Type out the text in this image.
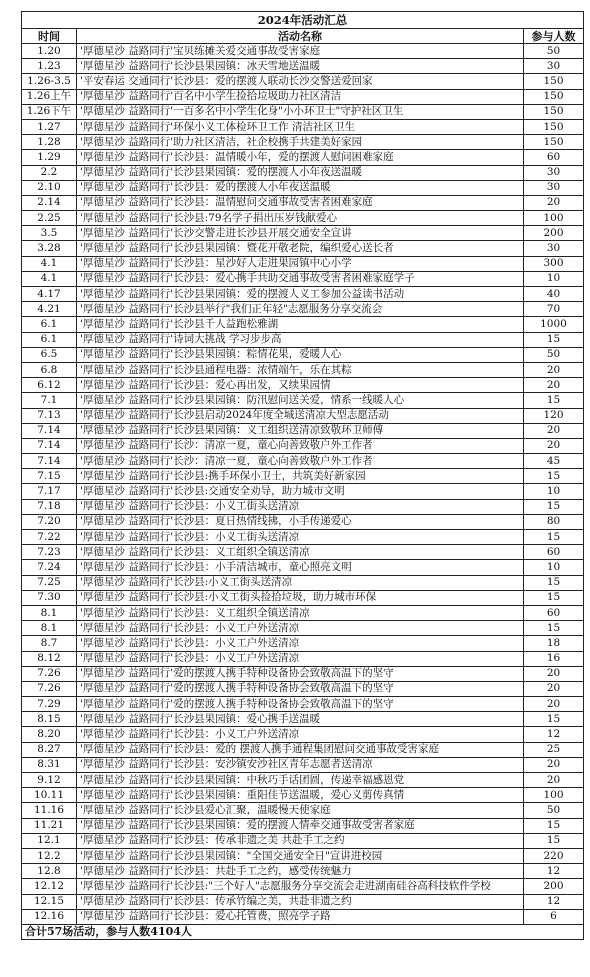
2024年活动汇总		
时间	活动名称	参与人数
1.20	'厚德星沙 益路同行'宝贝练摊关爱交通事故受害家庭	50
1.23	'厚德星沙 益路同行'长沙县果园镇：冰天雪地送温暖	30
1.26-3.5	'平安春运 交通同行'长沙县：爱的摆渡人联动长沙交警送爱回家	150
1.26上午	'厚德星沙 益路同行'百名中小学生捡拾垃圾助力社区清洁	150
1.26下午	'厚德星沙 益路同行'一百多名中小学生化身"小小环卫士"守护社区卫生	150
1.27	'厚德星沙 益路同行'环保小义工体检环卫工作 清洁社区卫生	150
1.28	'厚德星沙 益路同行'助力社区清洁，社企校携手共建美好家园	150
1.29	'厚德星沙 益路同行'长沙县：温情暖小年，爱的摆渡人慰问困难家庭	60
2.2	'厚德星沙 益路同行'长沙县果园镇：爱的摆渡人小年夜送温暖	30
2.10	'厚德星沙 益路同行'长沙县：爱的摆渡人小年夜送温暖	30
2.14	'厚德星沙 益路同行'长沙县：温情慰问交通事故受害者困难家庭	20
2.25	'厚德星沙 益路同行'长沙县:79名学子捐出压岁钱献爱心	100
3.5	'厚德星沙 益路同行'长沙交警走进长沙县开展交通安全宣讲	200
3.28	'厚德星沙 益路同行'长沙县果园镇：暨花开敬老院，编织爱心送长者	30
4.1	'厚德星沙 益路同行'长沙县：星沙好人走进果园镇中心小学	300
4.1	'厚德星沙 益路同行'长沙县：爱心携手共助交通事故受害者困难家庭学子	10
4.17	'厚德星沙 益路同行'长沙县果园镇：爱的摆渡人义工参加公益读书活动	40
4.21	'厚德星沙 益路同行'长沙县举行"我们正年轻"志愿服务分享交流会	70
6.1	'厚德星沙 益路同行'长沙县千人益跑松雅湖	1000
6.1	'厚德星沙 益路同行'诗词大挑战 学习步步高	15
6.5	'厚德星沙 益路同行'长沙县果园镇：粽情花果，爱暖人心	50
6.8	'厚德星沙 益路同行'长沙县通程电器：浓情端午，乐在其粽	20
6.12	'厚德星沙 益路同行'长沙县：爱心再出发，又续果园情	20
7.1	'厚德星沙 益路同行'长沙县果园镇：防汛慰问送关爱，情系一线暖人心	15
7.13	'厚德星沙 益路同行'长沙县启动2024年度全城送清凉大型志愿活动	120
7.14	'厚德星沙 益路同行'长沙县果园镇：义工组织送清凉致敬环卫师傅	20
7.14	'厚德星沙 益路同行'长沙：清凉一夏，童心向善致敬户外工作者	20
7.14	'厚德星沙 益路同行'长沙：清凉一夏，童心向善致敬户外工作者	45
7.15	'厚德星沙 益路同行'长沙县:携手环保小卫士，共筑美好新家园	15
7.17	'厚德星沙 益路同行'长沙县:交通安全劝导，助力城市文明	10
7.18	'厚德星沙 益路同行'长沙县：小义工街头送清凉	15
7.20	'厚德星沙 益路同行'长沙县：夏日热情线拂，小手传递爱心	80
7.22	'厚德星沙 益路同行'长沙县：小义工街头送清凉	15
7.23	'厚德星沙 益路同行'长沙县：义工组织全镇送清凉	60
7.24	'厚德星沙 益路同行'长沙县：小手清洁城市，童心照亮文明	10
7.25	'厚德星沙 益路同行'长沙县:小义工街头送清凉	15
7.30	'厚德星沙 益路同行'长沙县:小义工街头捡拾垃圾，助力城市环保	15
8.1	'厚德星沙 益路同行'长沙县：义工组织全镇送清凉	60
8.1	'厚德星沙 益路同行'长沙县：小义工户外送清凉	15
8.7	'厚德星沙 益路同行'长沙县：小义工户外送清凉	18
8.12	'厚德星沙 益路同行'长沙县：小义工户外送清凉	16
7.26	'厚德星沙 益路同行'爱的摆渡人携手特种设备协会致敬高温下的坚守	20
7.26	'厚德星沙 益路同行'爱的摆渡人携手特种设备协会致敬高温下的坚守	20
7.29	'厚德星沙 益路同行'爱的摆渡人携手特种设备协会致敬高温下的坚守	20
8.15	'厚德星沙 益路同行'长沙县果园镇：爱心携手送温暖	15
8.20	'厚德星沙 益路同行'长沙县：小义工户外送清凉	12
8.27	'厚德星沙 益路同行'长沙县：爱的 摆渡人携手通程集团慰问交通事故受害家庭	25
8.31	'厚德星沙 益路同行'长沙县：安沙镇安沙社区青年志愿者送清凉	20
9.12	'厚德星沙 益路同行'长沙县果园镇：中秋巧手话团圆，传递幸福感恩党	20
10.11	'厚德星沙 益路同行'长沙县果园镇：重阳佳节送温暖，爱心义剪传真情	100
11.16	'厚德星沙 益路同行'长沙县爱心汇聚，温暖慢天使家庭	50
11.21	'厚德星沙 益路同行'长沙县果园镇：爱的摆渡人情牵交通事故受害者家庭	15
12.1	'厚德星沙 益路同行'长沙县：传承非遗之美 共赴手工之约	15
12.2	'厚德星沙 益路同行'长沙县果园镇："全国交通安全日"宣讲进校园	220
12.8	'厚德星沙 益路同行'长沙县：共赴手工之约，感受传统魅力	12
12.12	'厚德星沙 益路同行'长沙县:"三个好人"志愿服务分享交流会走进湖南硅谷高科技软件学校	200
12.15	'厚德星沙 益路同行'长沙县：传承竹编之美，共赴非遗之约	12
12.16	'厚德星沙 益路同行'长沙县：爱心托管费，照亮学子路	6
合计57场活动，参与人数4104人		
